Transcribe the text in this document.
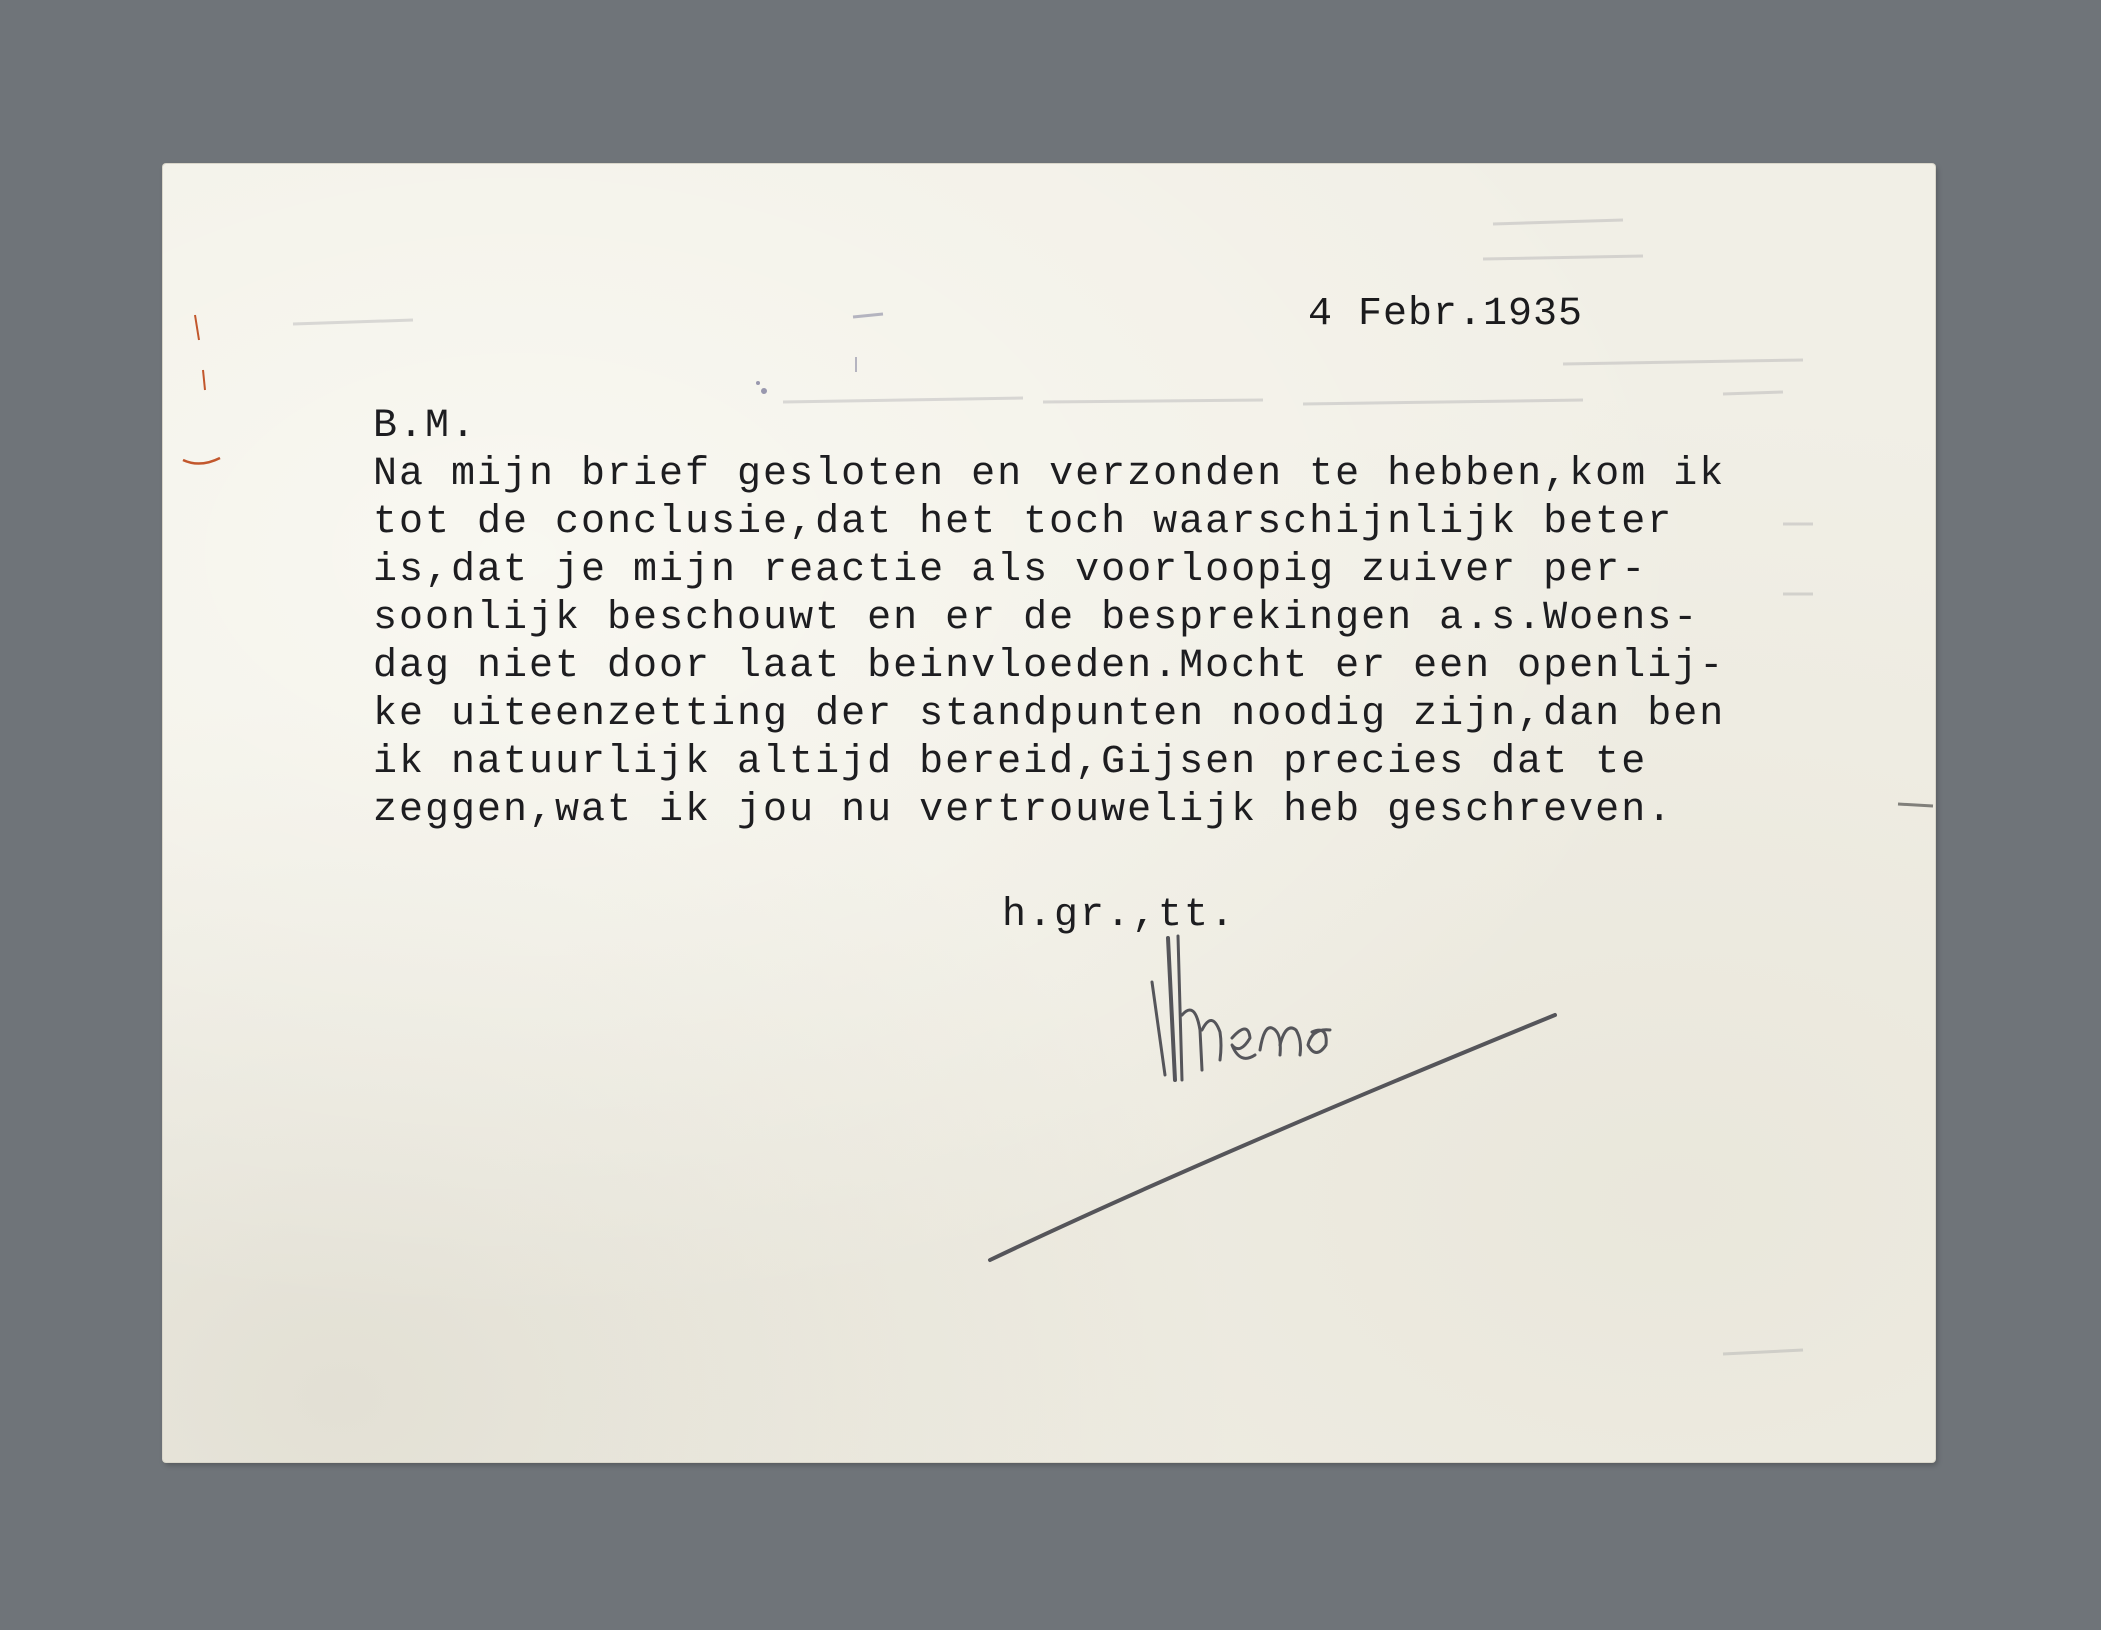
4 Febr.1935
B.M.
Na mijn brief gesloten en verzonden te hebben,kom ik
tot de conclusie,dat het toch waarschijnlijk beter
is,dat je mijn reactie als voorloopig zuiver per-
soonlijk beschouwt en er de besprekingen a.s.Woens-
dag niet door laat beinvloeden.Mocht er een openlij-
ke uiteenzetting der standpunten noodig zijn,dan ben
ik natuurlijk altijd bereid,Gijsen precies dat te
zeggen,wat ik jou nu vertrouwelijk heb geschreven.
h.gr.,tt.
